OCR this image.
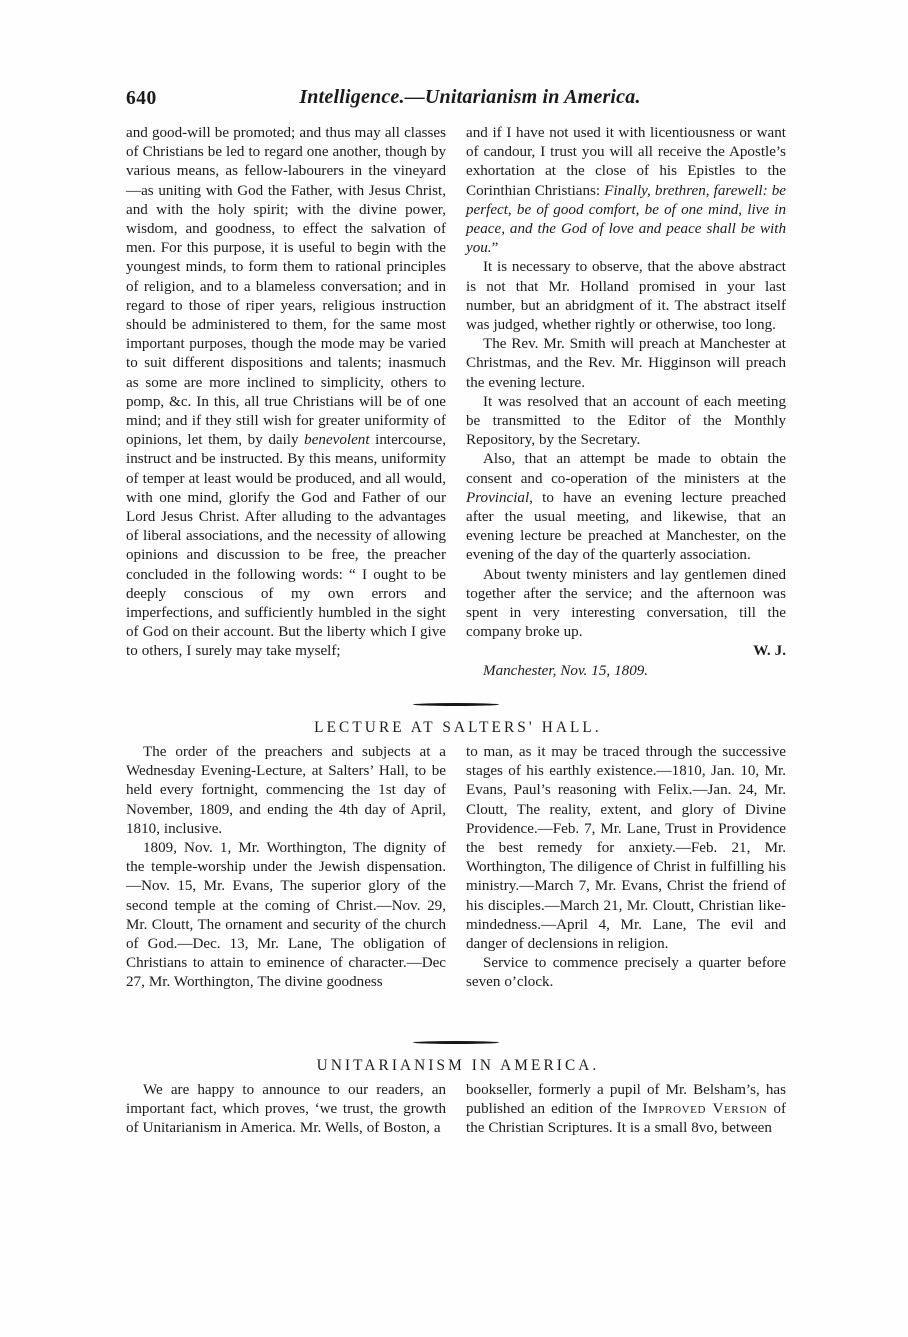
640	Intelligence.—Unitarianism in America.

and good-will be promoted; and thus may all classes of Christians be led to regard one another, though by various means, as fellow-labourers in the vineyard—as uniting with God the Father, with Jesus Christ, and with the holy spirit; with the divine power, wisdom, and goodness, to effect the salvation of men. For this purpose, it is useful to begin with the youngest minds, to form them to rational principles of religion, and to a blameless conversation; and in regard to those of riper years, religious instruction should be administered to them, for the same most important purposes, though the mode may be varied to suit different dispositions and talents; inasmuch as some are more inclined to simplicity, others to pomp, &c. In this, all true Christians will be of one mind; and if they still wish for greater uniformity of opinions, let them, by daily benevolent intercourse, instruct and be instructed. By this means, uniformity of temper at least would be produced, and all would, with one mind, glorify the God and Father of our Lord Jesus Christ. After alluding to the advantages of liberal associations, and the necessity of allowing opinions and discussion to be free, the preacher concluded in the following words: “ I ought to be deeply conscious of my own errors and imperfections, and sufficiently humbled in the sight of God on their account. But the liberty which I give to others, I surely may take myself;

and if I have not used it with licentiousness or want of candour, I trust you will all receive the Apostle’s exhortation at the close of his Epistles to the Corinthian Christians: Finally, brethren, farewell: be perfect, be of good comfort, be of one mind, live in peace, and the God of love and peace shall be with you.”

It is necessary to observe, that the above abstract is not that Mr. Holland promised in your last number, but an abridgment of it. The abstract itself was judged, whether rightly or otherwise, too long.

The Rev. Mr. Smith will preach at Manchester at Christmas, and the Rev. Mr. Higginson will preach the evening lecture.

It was resolved that an account of each meeting be transmitted to the Editor of the Monthly Repository, by the Secretary.

Also, that an attempt be made to obtain the consent and co-operation of the ministers at the Provincial, to have an evening lecture preached after the usual meeting, and likewise, that an evening lecture be preached at Manchester, on the evening of the day of the quarterly association.

About twenty ministers and lay gentlemen dined together after the service; and the afternoon was spent in very interesting conversation, till the company broke up.
W. J.

Manchester, Nov. 15, 1809.

LECTURE AT SALTERS' HALL.

The order of the preachers and subjects at a Wednesday Evening-Lecture, at Salters’ Hall, to be held every fortnight, commencing the 1st day of November, 1809, and ending the 4th day of April, 1810, inclusive.

1809, Nov. 1, Mr. Worthington, The dignity of the temple-worship under the Jewish dispensation.—Nov. 15, Mr. Evans, The superior glory of the second temple at the coming of Christ.—Nov. 29, Mr. Cloutt, The ornament and security of the church of God.—Dec. 13, Mr. Lane, The obligation of Christians to attain to eminence of character.—Dec 27, Mr. Worthington, The divine goodness

to man, as it may be traced through the successive stages of his earthly existence.—1810, Jan. 10, Mr. Evans, Paul’s reasoning with Felix.—Jan. 24, Mr. Cloutt, The reality, extent, and glory of Divine Providence.—Feb. 7, Mr. Lane, Trust in Providence the best remedy for anxiety.—Feb. 21, Mr. Worthington, The diligence of Christ in fulfilling his ministry.—March 7, Mr. Evans, Christ the friend of his disciples.—March 21, Mr. Cloutt, Christian like-mindedness.—April 4, Mr. Lane, The evil and danger of declensions in religion.

Service to commence precisely a quarter before seven o’clock.

UNITARIANISM IN AMERICA.

We are happy to announce to our readers, an important fact, which proves, ‘we trust, the growth of Unitarianism in America. Mr. Wells, of Boston, a

bookseller, formerly a pupil of Mr. Belsham’s, has published an edition of the Improved Version of the Christian Scriptures. It is a small 8vo, between
